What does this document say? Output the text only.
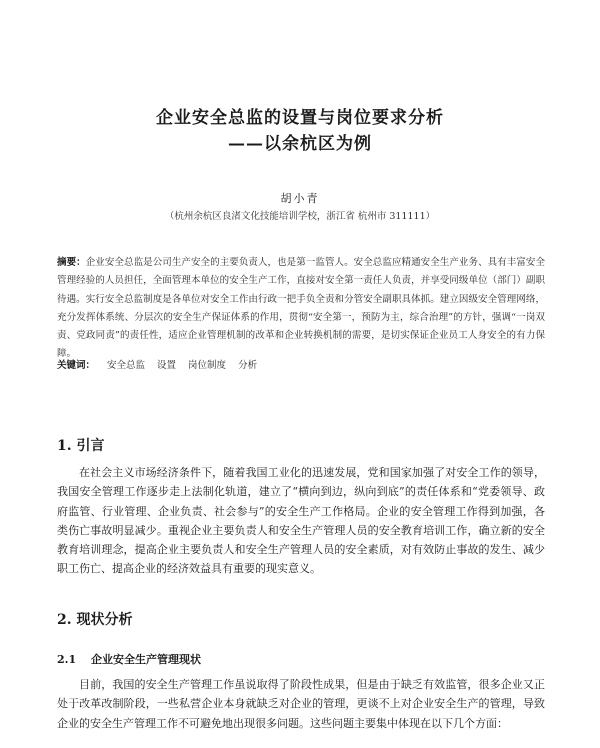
企业安全总监的设置与岗位要求分析
——以余杭区为例
胡小青
（杭州余杭区良渚文化技能培训学校，浙江省 杭州市 311111）
摘要：企业安全总监是公司生产安全的主要负责人，也是第一监管人。安全总监应精通安全生产业务、具有丰富安全管理经验的人员担任，全面管理本单位的安全生产工作，直接对安全第一责任人负责，并享受同级单位（部门）副职待遇。实行安全总监制度是各单位对安全工作由行政一把手负全责和分管安全副职具体抓。建立因级安全管理网络，充分发挥体系统、分层次的安全生产保证体系的作用，贯彻“安全第一，预防为主，综合治理”的方针，强调“一岗双责、党政同责”的责任性，适应企业管理机制的改革和企业转换机制的需要，是切实保证企业员工人身安全的有力保障。
关键词： 安全总监 设置 岗位制度 分析
1. 引言
在社会主义市场经济条件下，随着我国工业化的迅速发展，党和国家加强了对安全工作的领导，我国安全管理工作逐步走上法制化轨道，建立了“横向到边，纵向到底”的责任体系和“党委领导、政府监管、行业管理、企业负责、社会参与”的安全生产工作格局。企业的安全管理工作得到加强，各类伤亡事故明显减少。重视企业主要负责人和安全生产管理人员的安全教育培训工作，确立新的安全教育培训理念，提高企业主要负责人和安全生产管理人员的安全素质，对有效防止事故的发生、减少职工伤亡、提高企业的经济效益具有重要的现实意义。
2. 现状分析
2.1 企业安全生产管理现状
目前，我国的安全生产管理工作虽说取得了阶段性成果，但是由于缺乏有效监管，很多企业又正处于改革改制阶段，一些私营企业本身就缺乏对企业的管理，更谈不上对企业安全生产的管理，导致企业的安全生产管理工作不可避免地出现很多问题。这些问题主要集中体现在以下几个方面：
